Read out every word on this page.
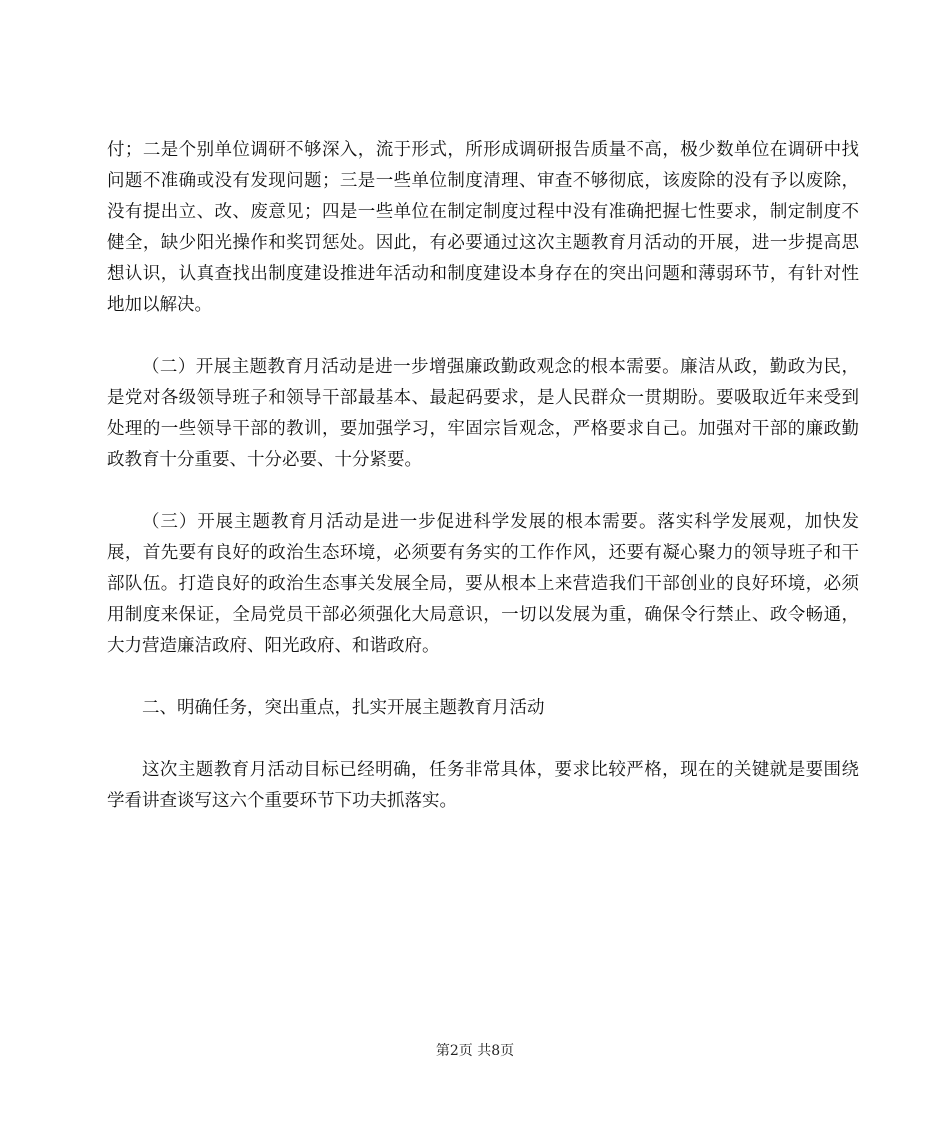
付；二是个别单位调研不够深入，流于形式，所形成调研报告质量不高，极少数单位在调研中找问题不准确或没有发现问题；三是一些单位制度清理、审查不够彻底，该废除的没有予以废除，没有提出立、改、废意见；四是一些单位在制定制度过程中没有准确把握七性要求，制定制度不健全，缺少阳光操作和奖罚惩处。因此，有必要通过这次主题教育月活动的开展，进一步提高思想认识，认真查找出制度建设推进年活动和制度建设本身存在的突出问题和薄弱环节，有针对性地加以解决。

（二）开展主题教育月活动是进一步增强廉政勤政观念的根本需要。廉洁从政，勤政为民，是党对各级领导班子和领导干部最基本、最起码要求，是人民群众一贯期盼。要吸取近年来受到处理的一些领导干部的教训，要加强学习，牢固宗旨观念，严格要求自己。加强对干部的廉政勤政教育十分重要、十分必要、十分紧要。

（三）开展主题教育月活动是进一步促进科学发展的根本需要。落实科学发展观，加快发展，首先要有良好的政治生态环境，必须要有务实的工作作风，还要有凝心聚力的领导班子和干部队伍。打造良好的政治生态事关发展全局，要从根本上来营造我们干部创业的良好环境，必须用制度来保证，全局党员干部必须强化大局意识，一切以发展为重，确保令行禁止、政令畅通，大力营造廉洁政府、阳光政府、和谐政府。

二、明确任务，突出重点，扎实开展主题教育月活动

这次主题教育月活动目标已经明确，任务非常具体，要求比较严格，现在的关键就是要围绕学看讲查谈写这六个重要环节下功夫抓落实。

第2页 共8页
